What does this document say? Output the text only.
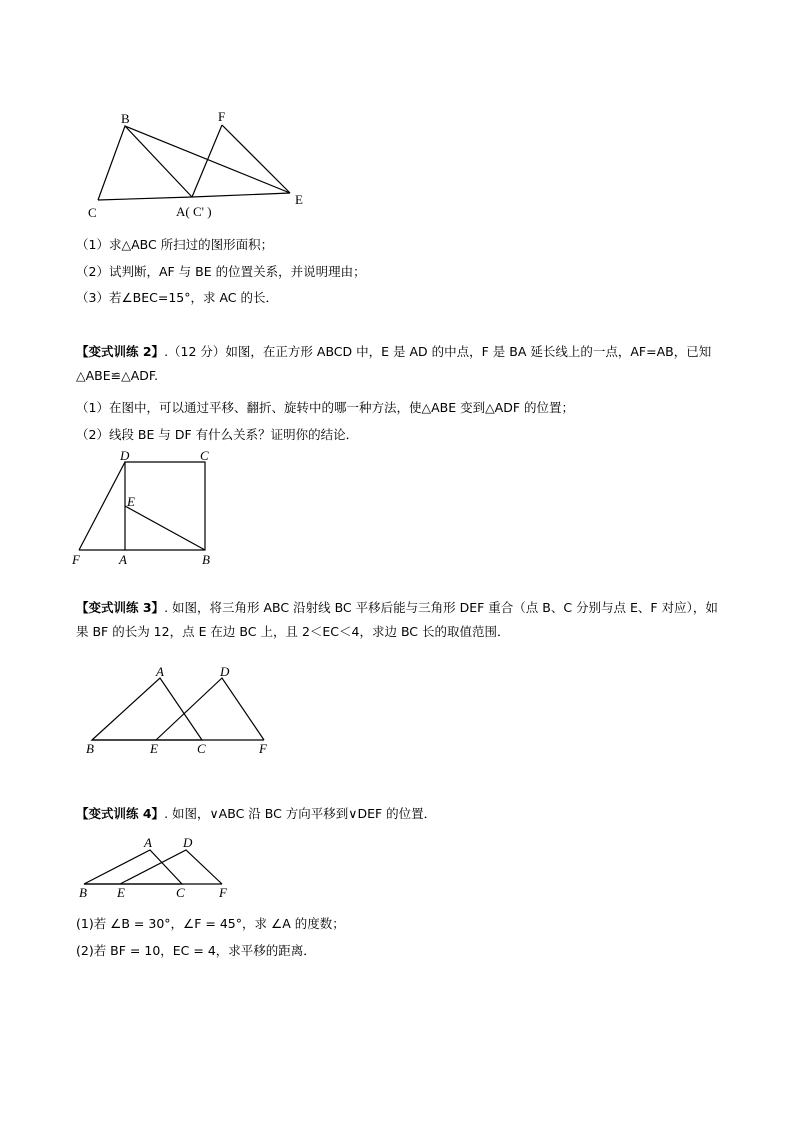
B	F
C	A( C' )
E
（1）求△ABC 所扫过的图形面积；
（2）试判断，AF 与 BE 的位置关系，并说明理由；
（3）若∠BEC=15°，求 AC 的长．
【变式训练 2】.（12 分）如图，在正方形 ABCD 中，E 是 AD 的中点，F 是 BA 延长线上的一点，AF=AB，已知△ABE≌△ADF.
（1）在图中，可以通过平移、翻折、旋转中的哪一种方法，使△ABE 变到△ADF 的位置；
（2）线段 BE 与 DF 有什么关系？证明你的结论．
D	C
E
F	A	B
【变式训练 3】. 如图，将三角形 ABC 沿射线 BC 平移后能与三角形 DEF 重合（点 B、C 分别与点 E、F 对应），如果 BF 的长为 12，点 E 在边 BC 上，且 2＜EC＜4，求边 BC 长的取值范围．
A	D
B	E	C	F
【变式训练 4】. 如图，∨ABC 沿 BC 方向平移到∨DEF 的位置．
A D
B E	C	F
(1)若 ∠B = 30°，∠F = 45°，求 ∠A 的度数；
(2)若 BF = 10，EC = 4，求平移的距离．
